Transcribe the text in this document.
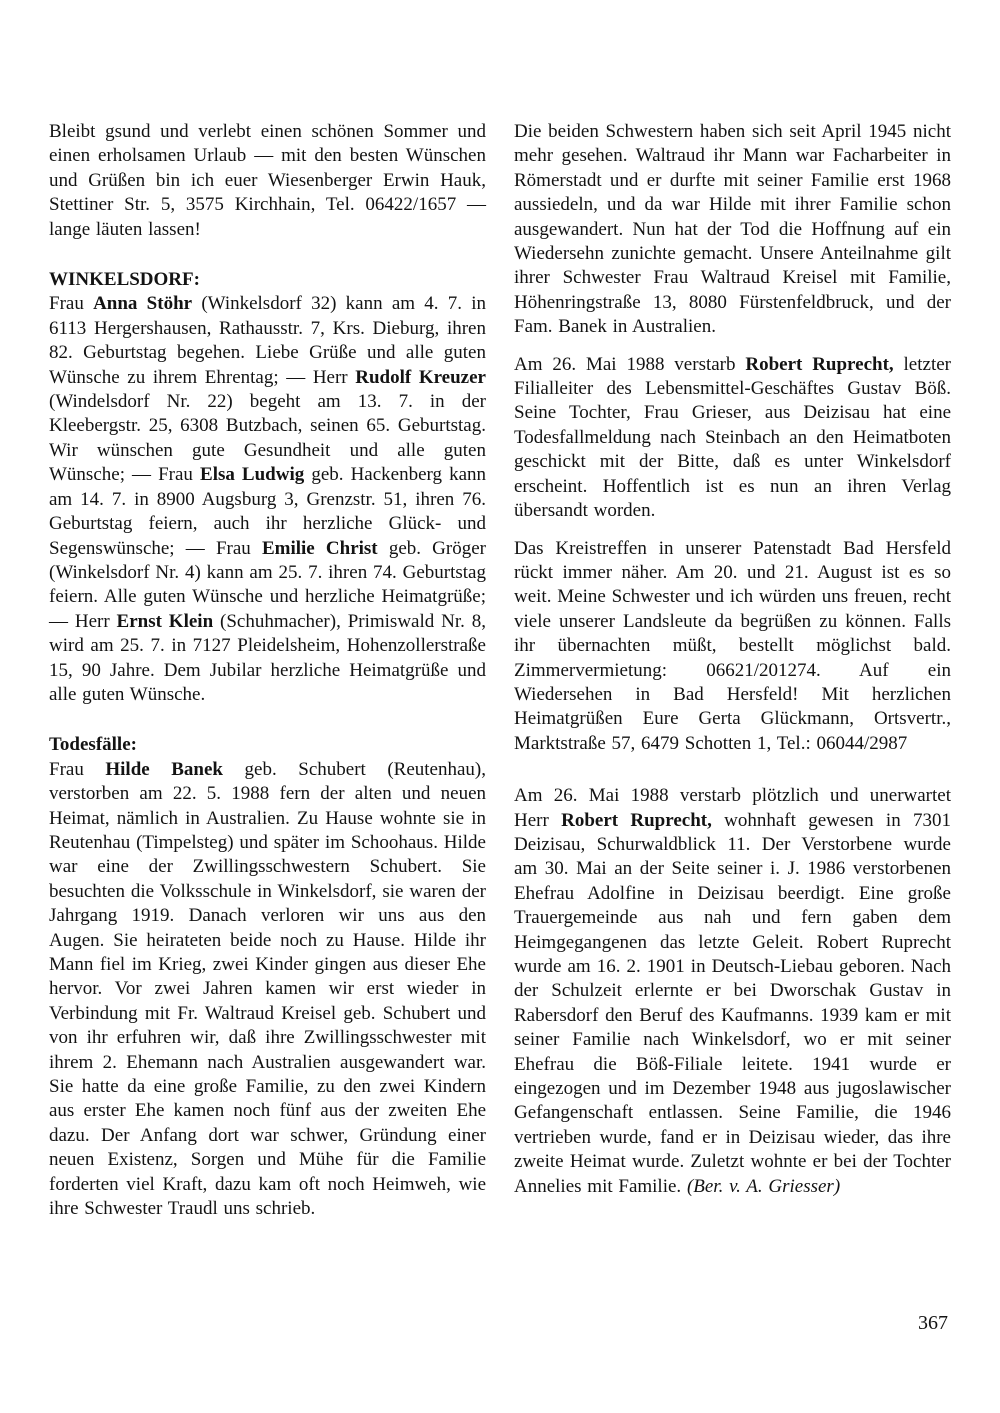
Bleibt gsund und verlebt einen schönen Sommer und einen erholsamen Urlaub — mit den besten Wünschen und Grüßen bin ich euer Wiesenberger Erwin Hauk, Stettiner Str. 5, 3575 Kirchhain, Tel. 06422/1657 — lange läuten lassen!

WINKELSDORF:

Frau Anna Stöhr (Winkelsdorf 32) kann am 4. 7. in 6113 Hergershausen, Rathausstr. 7, Krs. Dieburg, ihren 82. Geburtstag begehen. Liebe Grüße und alle guten Wünsche zu ihrem Ehrentag; — Herr Rudolf Kreuzer (Windelsdorf Nr. 22) begeht am 13. 7. in der Kleebergstr. 25, 6308 Butzbach, seinen 65. Geburtstag. Wir wünschen gute Gesundheit und alle guten Wünsche; — Frau Elsa Ludwig geb. Hackenberg kann am 14. 7. in 8900 Augsburg 3, Grenzstr. 51, ihren 76. Geburtstag feiern, auch ihr herzliche Glück- und Segenswünsche; — Frau Emilie Christ geb. Gröger (Winkelsdorf Nr. 4) kann am 25. 7. ihren 74. Geburtstag feiern. Alle guten Wünsche und herzliche Heimatgrüße; — Herr Ernst Klein (Schuhmacher), Primiswald Nr. 8, wird am 25. 7. in 7127 Pleidelsheim, Hohenzollerstraße 15, 90 Jahre. Dem Jubilar herzliche Heimatgrüße und alle guten Wünsche.

Todesfälle:

Frau Hilde Banek geb. Schubert (Reutenhau), verstorben am 22. 5. 1988 fern der alten und neuen Heimat, nämlich in Australien. Zu Hause wohnte sie in Reutenhau (Timpelsteg) und später im Schoohaus. Hilde war eine der Zwillingsschwestern Schubert. Sie besuchten die Volksschule in Winkelsdorf, sie waren der Jahrgang 1919. Danach verloren wir uns aus den Augen. Sie heirateten beide noch zu Hause. Hilde ihr Mann fiel im Krieg, zwei Kinder gingen aus dieser Ehe hervor. Vor zwei Jahren kamen wir erst wieder in Verbindung mit Fr. Waltraud Kreisel geb. Schubert und von ihr erfuhren wir, daß ihre Zwillingsschwester mit ihrem 2. Ehemann nach Australien ausgewandert war. Sie hatte da eine große Familie, zu den zwei Kindern aus erster Ehe kamen noch fünf aus der zweiten Ehe dazu. Der Anfang dort war schwer, Gründung einer neuen Existenz, Sorgen und Mühe für die Familie forderten viel Kraft, dazu kam oft noch Heimweh, wie ihre Schwester Traudl uns schrieb.

Die beiden Schwestern haben sich seit April 1945 nicht mehr gesehen. Waltraud ihr Mann war Facharbeiter in Römerstadt und er durfte mit seiner Familie erst 1968 aussiedeln, und da war Hilde mit ihrer Familie schon ausgewandert. Nun hat der Tod die Hoffnung auf ein Wiedersehn zunichte gemacht. Unsere Anteilnahme gilt ihrer Schwester Frau Waltraud Kreisel mit Familie, Höhenringstraße 13, 8080 Fürstenfeldbruck, und der Fam. Banek in Australien.

Am 26. Mai 1988 verstarb Robert Ruprecht, letzter Filialleiter des Lebensmittel-Geschäftes Gustav Böß. Seine Tochter, Frau Grieser, aus Deizisau hat eine Todesfallmeldung nach Steinbach an den Heimatboten geschickt mit der Bitte, daß es unter Winkelsdorf erscheint. Hoffentlich ist es nun an ihren Verlag übersandt worden.

Das Kreistreffen in unserer Patenstadt Bad Hersfeld rückt immer näher. Am 20. und 21. August ist es so weit. Meine Schwester und ich würden uns freuen, recht viele unserer Landsleute da begrüßen zu können. Falls ihr übernachten müßt, bestellt möglichst bald. Zimmervermietung: 06621/201274. Auf ein Wiedersehen in Bad Hersfeld! Mit herzlichen Heimatgrüßen Eure Gerta Glückmann, Ortsvertr., Marktstraße 57, 6479 Schotten 1, Tel.: 06044/2987

Am 26. Mai 1988 verstarb plötzlich und unerwartet Herr Robert Ruprecht, wohnhaft gewesen in 7301 Deizisau, Schurwaldblick 11. Der Verstorbene wurde am 30. Mai an der Seite seiner i. J. 1986 verstorbenen Ehefrau Adolfine in Deizisau beerdigt. Eine große Trauergemeinde aus nah und fern gaben dem Heimgegangenen das letzte Geleit. Robert Ruprecht wurde am 16. 2. 1901 in Deutsch-Liebau geboren. Nach der Schulzeit erlernte er bei Dworschak Gustav in Rabersdorf den Beruf des Kaufmanns. 1939 kam er mit seiner Familie nach Winkelsdorf, wo er mit seiner Ehefrau die Böß-Filiale leitete. 1941 wurde er eingezogen und im Dezember 1948 aus jugoslawischer Gefangenschaft entlassen. Seine Familie, die 1946 vertrieben wurde, fand er in Deizisau wieder, das ihre zweite Heimat wurde. Zuletzt wohnte er bei der Tochter Annelies mit Familie. (Ber. v. A. Griesser)

367
